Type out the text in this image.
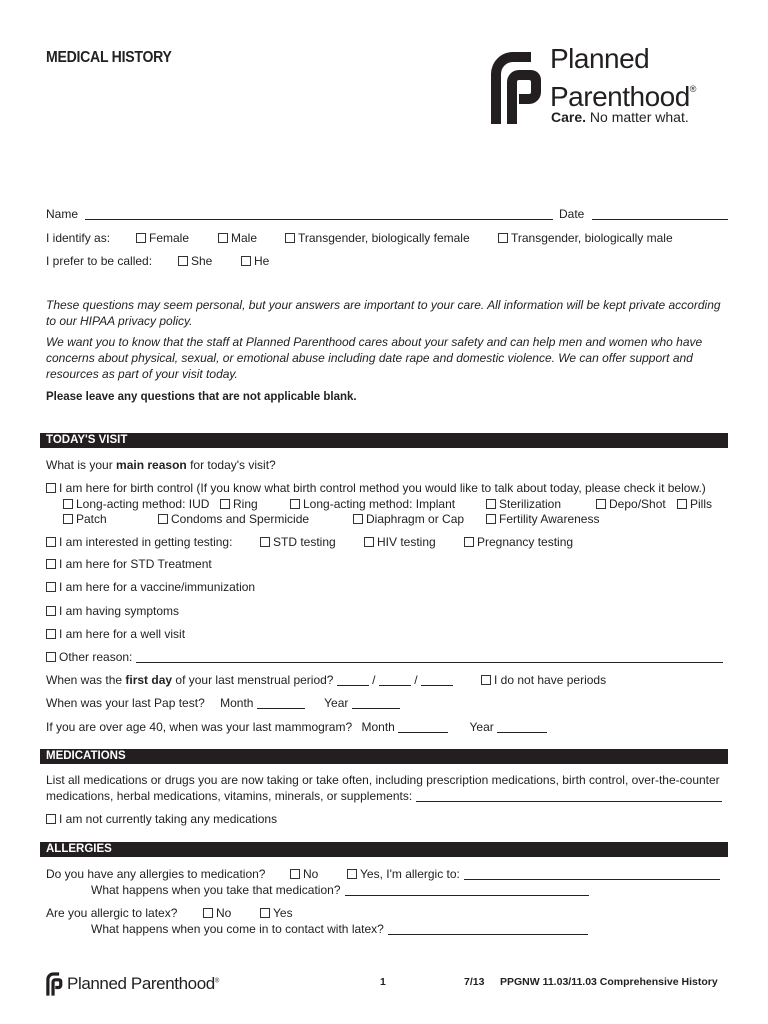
MEDICAL HISTORY	Planned
Parenthood®
Care. No matter what.
Name	Date
I identify as:	Female	Male	Transgender, biologically female	Transgender, biologically male
I prefer to be called:	She	He
These questions may seem personal, but your answers are important to your care. All information will be kept private according to our HIPAA privacy policy.
We want you to know that the staff at Planned Parenthood cares about your safety and can help men and women who have concerns about physical, sexual, or emotional abuse including date rape and domestic violence. We can offer support and resources as part of your visit today.
Please leave any questions that are not applicable blank.
TODAY'S VISIT
What is your main reason for today's visit?
I am here for birth control (If you know what birth control method you would like to talk about today, please check it below.)
Long-acting method: IUD	Ring	Long-acting method: Implant	Sterilization	Depo/Shot	Pills
Patch	Condoms and Spermicide	Diaphragm or Cap	Fertility Awareness
I am interested in getting testing:	STD testing	HIV testing	Pregnancy testing
I am here for STD Treatment
I am here for a vaccine/immunization
I am having symptoms
I am here for a well visit
Other reason:
When was the first day of your last menstrual period?	/	/	I do not have periods
When was your last Pap test? Month	Year
If you are over age 40, when was your last mammogram? Month	Year
MEDICATIONS
List all medications or drugs you are now taking or take often, including prescription medications, birth control, over-the-counter
medications, herbal medications, vitamins, minerals, or supplements:
I am not currently taking any medications
ALLERGIES
Do you have any allergies to medication?	No	Yes, I'm allergic to:
What happens when you take that medication?
Are you allergic to latex?	No	Yes
What happens when you come in to contact with latex?
Planned Parenthood®	1	7/13 PPGNW 11.03/11.03 Comprehensive History
